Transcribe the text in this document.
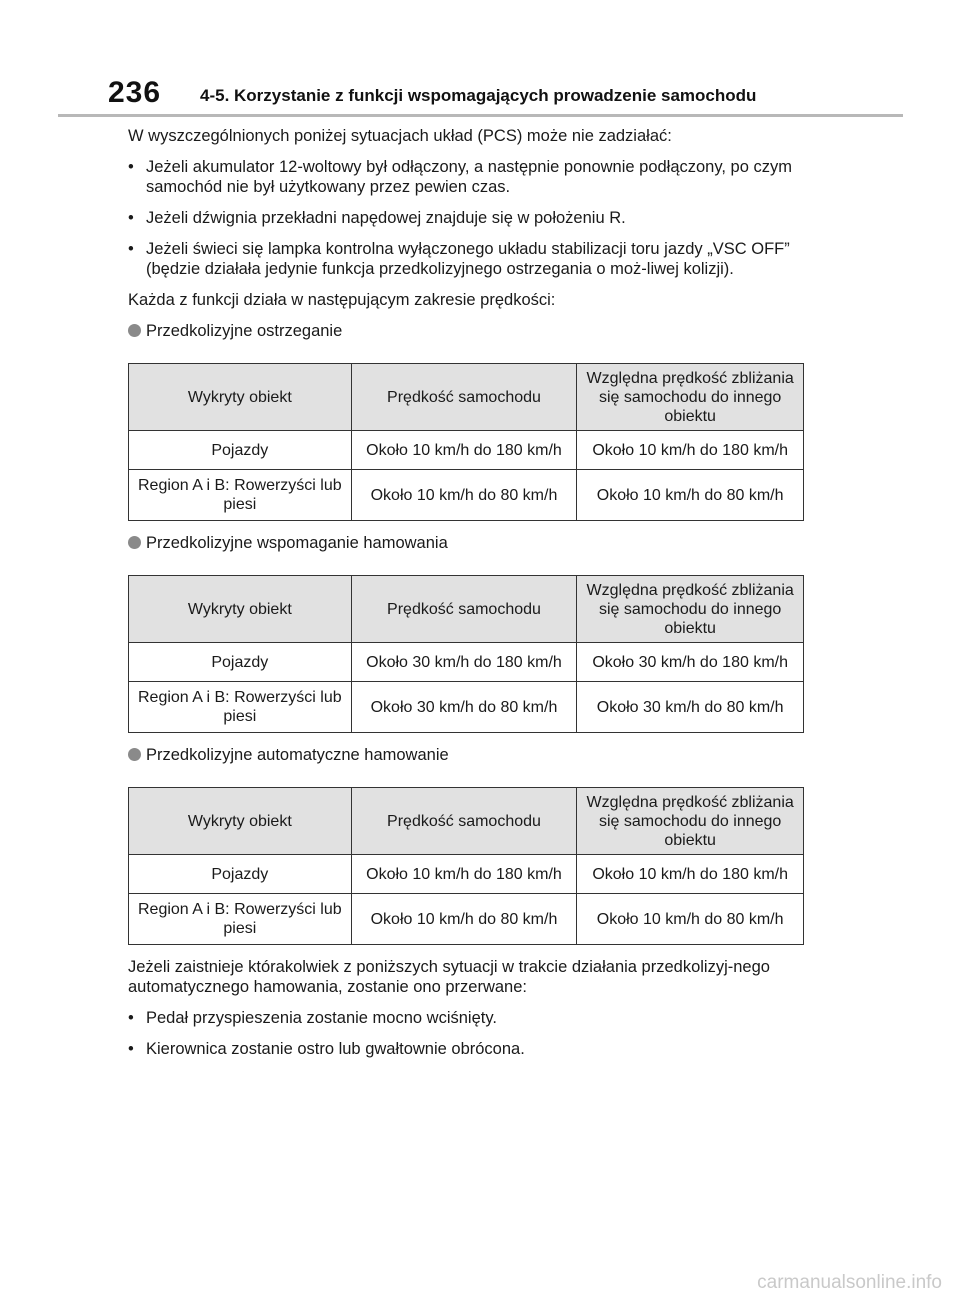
236 4-5. Korzystanie z funkcji wspomagających prowadzenie samochodu

W wyszczególnionych poniżej sytuacjach układ (PCS) może nie zadziałać:

• Jeżeli akumulator 12-woltowy był odłączony, a następnie ponownie podłączony, po czym samochód nie był użytkowany przez pewien czas.
• Jeżeli dźwignia przekładni napędowej znajduje się w położeniu R.
• Jeżeli świeci się lampka kontrolna wyłączonego układu stabilizacji toru jazdy „VSC OFF” (będzie działała jedynie funkcja przedkolizyjnego ostrzegania o moż-liwej kolizji).

Każda z funkcji działa w następującym zakresie prędkości:

Przedkolizyjne ostrzeganie
Wykryty obiekt	Prędkość samochodu	Względna prędkość zbliżania się samochodu do innego obiektu
Pojazdy	Około 10 km/h do 180 km/h	Około 10 km/h do 180 km/h
Region A i B: Rowerzyści lub piesi	Około 10 km/h do 80 km/h	Około 10 km/h do 80 km/h
Przedkolizyjne wspomaganie hamowania
Wykryty obiekt	Prędkość samochodu	Względna prędkość zbliżania się samochodu do innego obiektu
Pojazdy	Około 30 km/h do 180 km/h	Około 30 km/h do 180 km/h
Region A i B: Rowerzyści lub piesi	Około 30 km/h do 80 km/h	Około 30 km/h do 80 km/h
Przedkolizyjne automatyczne hamowanie
Wykryty obiekt	Prędkość samochodu	Względna prędkość zbliżania się samochodu do innego obiektu
Pojazdy	Około 10 km/h do 180 km/h	Około 10 km/h do 180 km/h
Region A i B: Rowerzyści lub piesi	Około 10 km/h do 80 km/h	Około 10 km/h do 80 km/h

Jeżeli zaistnieje którakolwiek z poniższych sytuacji w trakcie działania przedkolizyj-nego automatycznego hamowania, zostanie ono przerwane:

• Pedał przyspieszenia zostanie mocno wciśnięty.
• Kierownica zostanie ostro lub gwałtownie obrócona.
carmanualsonline.info
